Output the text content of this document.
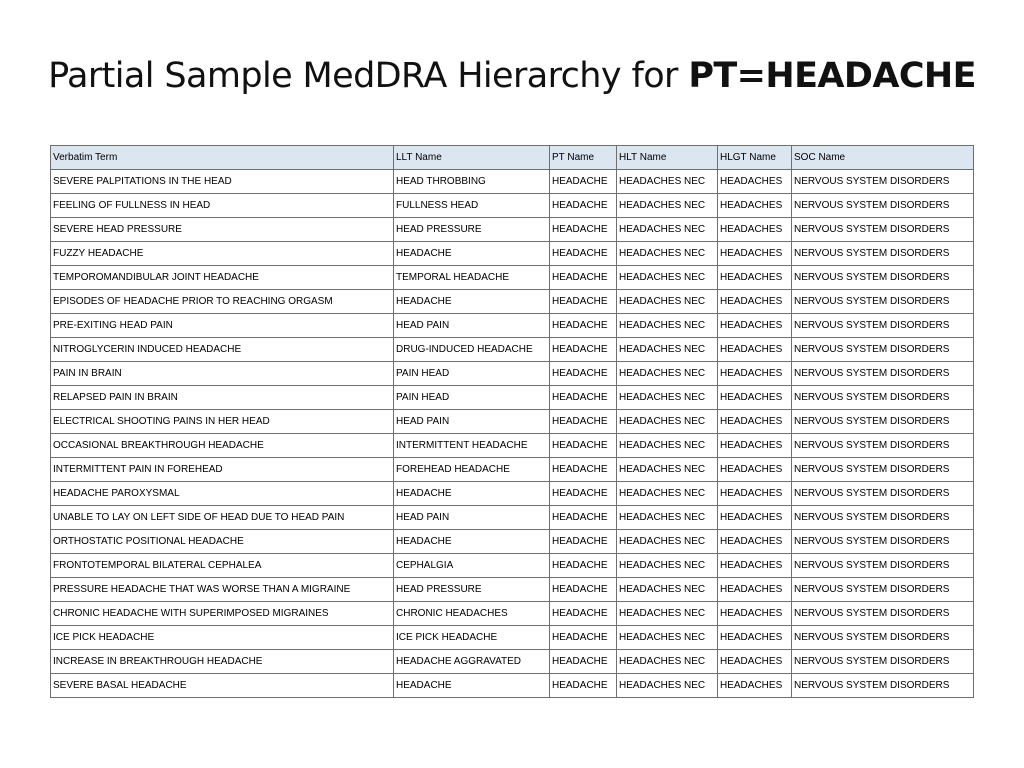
Partial Sample MedDRA Hierarchy for PT=HEADACHE
Verbatim Term	LLT Name	PT Name	HLT Name	HLGT Name	SOC Name
SEVERE PALPITATIONS IN THE HEAD	HEAD THROBBING	HEADACHE	HEADACHES NEC	HEADACHES	NERVOUS SYSTEM DISORDERS
FEELING OF FULLNESS IN HEAD	FULLNESS HEAD	HEADACHE	HEADACHES NEC	HEADACHES	NERVOUS SYSTEM DISORDERS
SEVERE HEAD PRESSURE	HEAD PRESSURE	HEADACHE	HEADACHES NEC	HEADACHES	NERVOUS SYSTEM DISORDERS
FUZZY HEADACHE	HEADACHE	HEADACHE	HEADACHES NEC	HEADACHES	NERVOUS SYSTEM DISORDERS
TEMPOROMANDIBULAR JOINT HEADACHE	TEMPORAL HEADACHE	HEADACHE	HEADACHES NEC	HEADACHES	NERVOUS SYSTEM DISORDERS
EPISODES OF HEADACHE PRIOR TO REACHING ORGASM	HEADACHE	HEADACHE	HEADACHES NEC	HEADACHES	NERVOUS SYSTEM DISORDERS
PRE-EXITING HEAD PAIN	HEAD PAIN	HEADACHE	HEADACHES NEC	HEADACHES	NERVOUS SYSTEM DISORDERS
NITROGLYCERIN INDUCED HEADACHE	DRUG-INDUCED HEADACHE	HEADACHE	HEADACHES NEC	HEADACHES	NERVOUS SYSTEM DISORDERS
PAIN IN BRAIN	PAIN HEAD	HEADACHE	HEADACHES NEC	HEADACHES	NERVOUS SYSTEM DISORDERS
RELAPSED PAIN IN BRAIN	PAIN HEAD	HEADACHE	HEADACHES NEC	HEADACHES	NERVOUS SYSTEM DISORDERS
ELECTRICAL SHOOTING PAINS IN HER HEAD	HEAD PAIN	HEADACHE	HEADACHES NEC	HEADACHES	NERVOUS SYSTEM DISORDERS
OCCASIONAL BREAKTHROUGH HEADACHE	INTERMITTENT HEADACHE	HEADACHE	HEADACHES NEC	HEADACHES	NERVOUS SYSTEM DISORDERS
INTERMITTENT PAIN IN FOREHEAD	FOREHEAD HEADACHE	HEADACHE	HEADACHES NEC	HEADACHES	NERVOUS SYSTEM DISORDERS
HEADACHE PAROXYSMAL	HEADACHE	HEADACHE	HEADACHES NEC	HEADACHES	NERVOUS SYSTEM DISORDERS
UNABLE TO LAY ON LEFT SIDE OF HEAD DUE TO HEAD PAIN	HEAD PAIN	HEADACHE	HEADACHES NEC	HEADACHES	NERVOUS SYSTEM DISORDERS
ORTHOSTATIC POSITIONAL HEADACHE	HEADACHE	HEADACHE	HEADACHES NEC	HEADACHES	NERVOUS SYSTEM DISORDERS
FRONTOTEMPORAL BILATERAL CEPHALEA	CEPHALGIA	HEADACHE	HEADACHES NEC	HEADACHES	NERVOUS SYSTEM DISORDERS
PRESSURE HEADACHE THAT WAS WORSE THAN A MIGRAINE	HEAD PRESSURE	HEADACHE	HEADACHES NEC	HEADACHES	NERVOUS SYSTEM DISORDERS
CHRONIC HEADACHE WITH SUPERIMPOSED MIGRAINES	CHRONIC HEADACHES	HEADACHE	HEADACHES NEC	HEADACHES	NERVOUS SYSTEM DISORDERS
ICE PICK HEADACHE	ICE PICK HEADACHE	HEADACHE	HEADACHES NEC	HEADACHES	NERVOUS SYSTEM DISORDERS
INCREASE IN BREAKTHROUGH HEADACHE	HEADACHE AGGRAVATED	HEADACHE	HEADACHES NEC	HEADACHES	NERVOUS SYSTEM DISORDERS
SEVERE BASAL HEADACHE	HEADACHE	HEADACHE	HEADACHES NEC	HEADACHES	NERVOUS SYSTEM DISORDERS
